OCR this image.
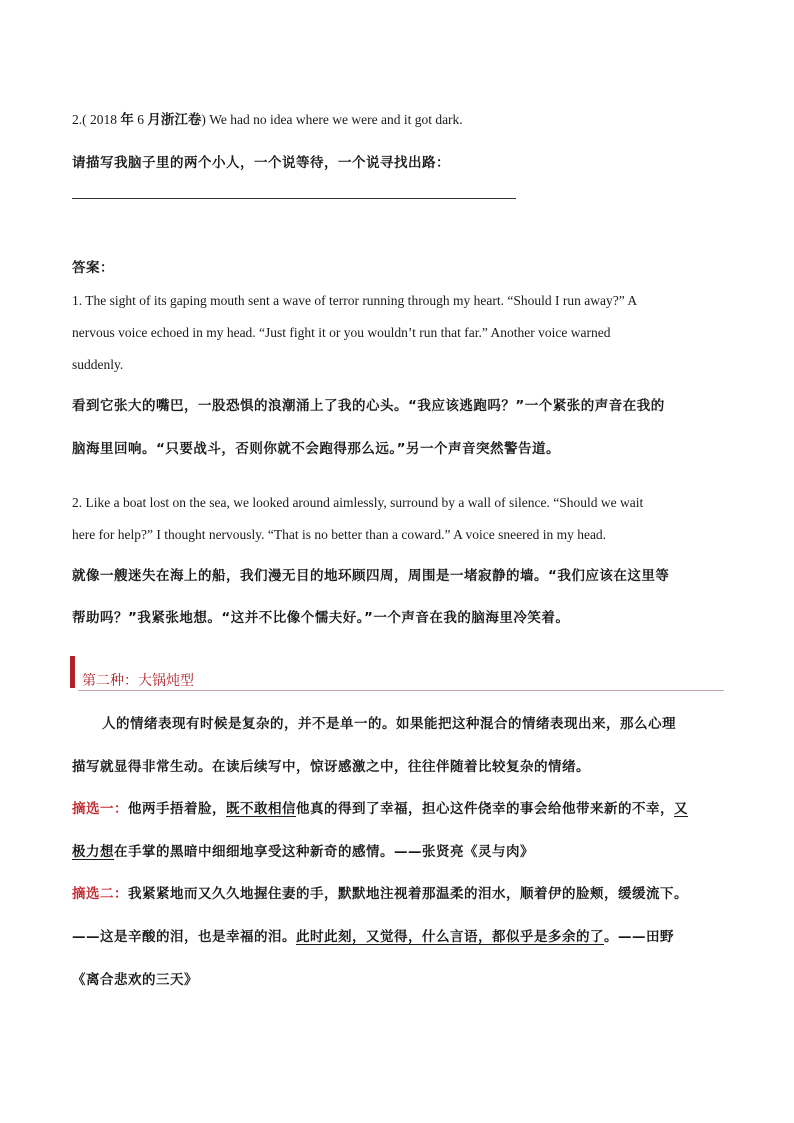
2.( 2018 年 6 月浙江卷) We had no idea where we were and it got dark.
请描写我脑子里的两个小人，一个说等待，一个说寻找出路：
答案：
1. The sight of its gaping mouth sent a wave of terror running through my heart. “Should I run away?” A
nervous voice echoed in my head. “Just fight it or you wouldn’t run that far.” Another voice warned
suddenly.
看到它张大的嘴巴，一股恐惧的浪潮涌上了我的心头。“我应该逃跑吗？”一个紧张的声音在我的
脑海里回响。“只要战斗，否则你就不会跑得那么远。”另一个声音突然警告道。
2. Like a boat lost on the sea, we looked around aimlessly, surround by a wall of silence. “Should we wait
here for help?” I thought nervously. “That is no better than a coward.” A voice sneered in my head.
就像一艘迷失在海上的船，我们漫无目的地环顾四周，周围是一堵寂静的墙。“我们应该在这里等
帮助吗？”我紧张地想。“这并不比像个懦夫好。”一个声音在我的脑海里冷笑着。
第二种：大锅炖型
人的情绪表现有时候是复杂的，并不是单一的。如果能把这种混合的情绪表现出来，那么心理
描写就显得非常生动。在读后续写中，惊讶感激之中，往往伴随着比较复杂的情绪。
摘选一：他两手捂着脸，既不敢相信他真的得到了幸福，担心这件侥幸的事会给他带来新的不幸，又
极力想在手掌的黑暗中细细地享受这种新奇的感情。——张贤亮《灵与肉》
摘选二：我紧紧地而又久久地握住妻的手，默默地注视着那温柔的泪水，顺着伊的脸颊，缓缓流下。
——这是辛酸的泪，也是幸福的泪。此时此刻，又觉得，什么言语，都似乎是多余的了。——田野
《离合悲欢的三天》
